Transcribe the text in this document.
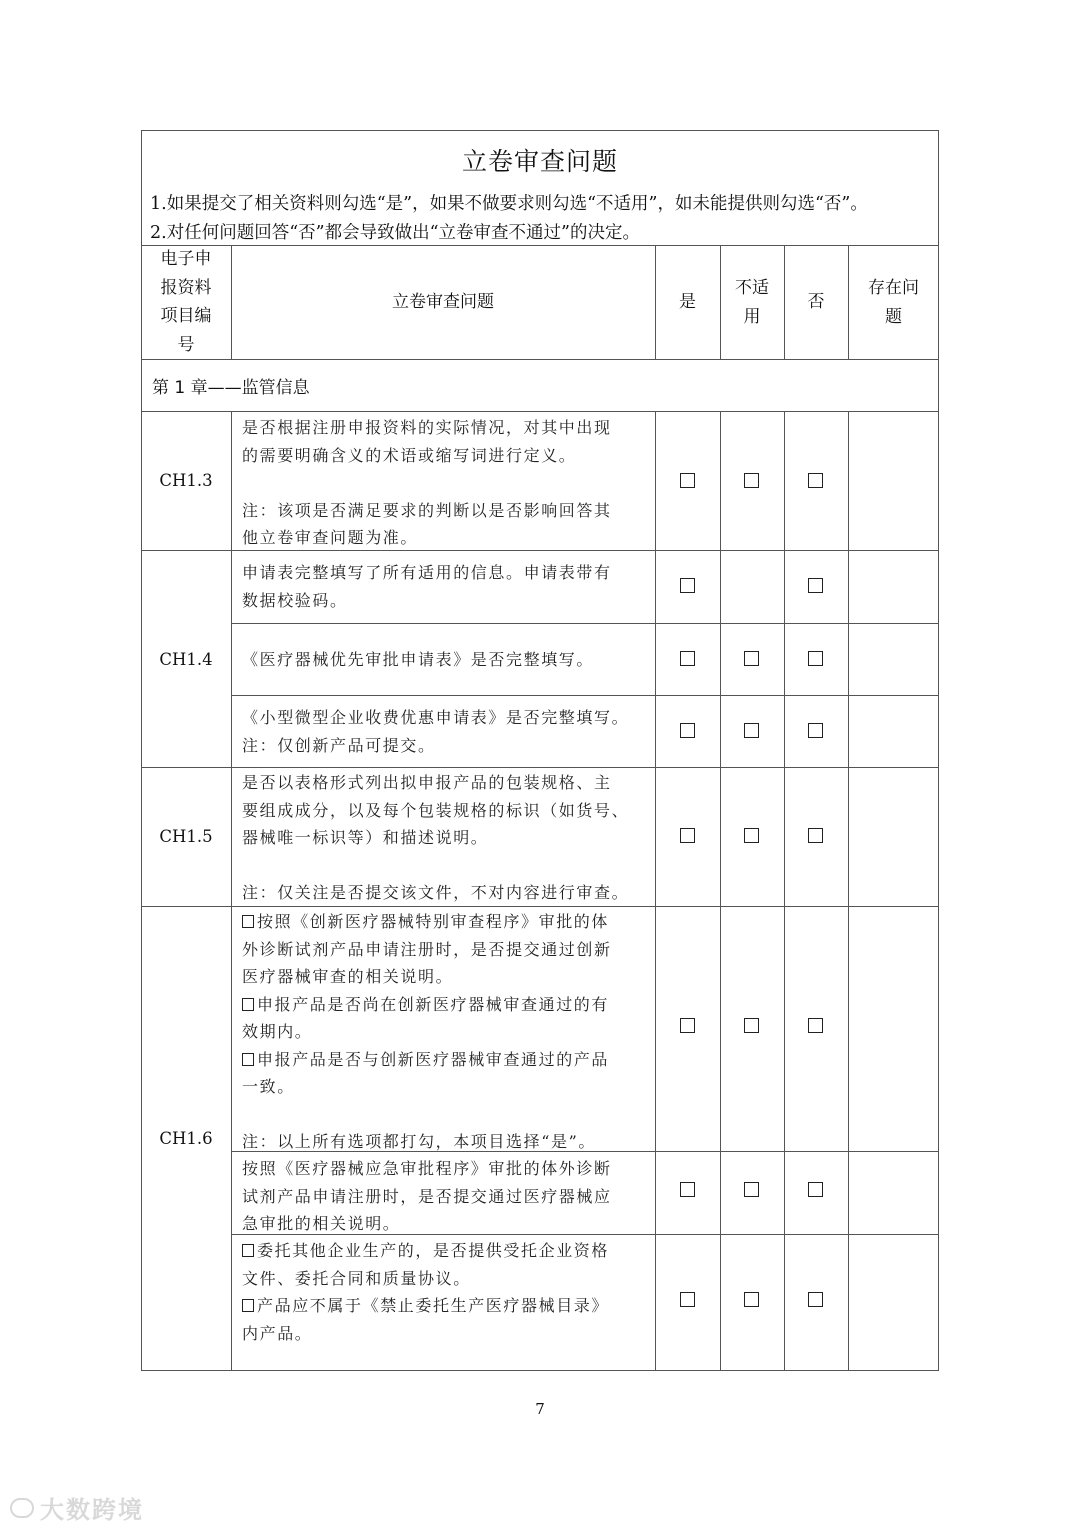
立卷审查问题
1.如果提交了相关资料则勾选“是”，如果不做要求则勾选“不适用”，如未能提供则勾选“否”。
2.对任何问题回答“否”都会导致做出“立卷审查不通过”的决定。
电子申
报资料
项目编
号
立卷审查问题	是
不适
用
否
存在问
题
第 1 章——监管信息
CH1.3
CH1.4
CH1.5
CH1.6

是否根据注册申报资料的实际情况，对其中出现

的需要明确含义的术语或缩写词进行定义。

注：该项是否满足要求的判断以是否影响回答其

他立卷审查问题为准。

申请表完整填写了所有适用的信息。申请表带有

数据校验码。

《医疗器械优先审批申请表》是否完整填写。

《小型微型企业收费优惠申请表》是否完整填写。

注：仅创新产品可提交。

是否以表格形式列出拟申报产品的包装规格、主

要组成成分，以及每个包装规格的标识（如货号、

器械唯一标识等）和描述说明。

注：仅关注是否提交该文件，不对内容进行审查。

按照《创新医疗器械特别审查程序》审批的体

外诊断试剂产品申请注册时，是否提交通过创新

医疗器械审查的相关说明。

申报产品是否尚在创新医疗器械审查通过的有

效期内。

申报产品是否与创新医疗器械审查通过的产品

一致。

注：以上所有选项都打勾，本项目选择“是”。

按照《医疗器械应急审批程序》审批的体外诊断

试剂产品申请注册时，是否提交通过医疗器械应

急审批的相关说明。

委托其他企业生产的，是否提供受托企业资格

文件、委托合同和质量协议。

产品应不属于《禁止委托生产医疗器械目录》

内产品。

7
大数跨境
